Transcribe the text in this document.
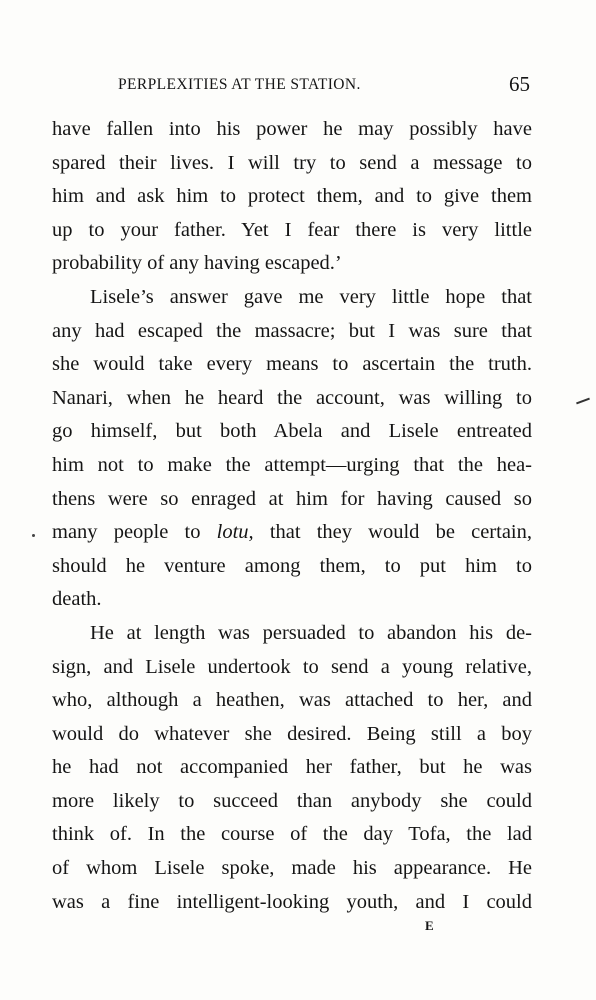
PERPLEXITIES AT THE STATION.	65
have fallen into his power he may possibly have
spared their lives. I will try to send a message to
him and ask him to protect them, and to give them
up to your father. Yet I fear there is very little
probability of any having escaped.’
Lisele’s answer gave me very little hope that
any had escaped the massacre; but I was sure that
she would take every means to ascertain the truth.
Nanari, when he heard the account, was willing to
go himself, but both Abela and Lisele entreated
him not to make the attempt—urging that the hea-
thens were so enraged at him for having caused so
many people to lotu, that they would be certain,
should he venture among them, to put him to
death.
He at length was persuaded to abandon his de-
sign, and Lisele undertook to send a young relative,
who, although a heathen, was attached to her, and
would do whatever she desired. Being still a boy
he had not accompanied her father, but he was
more likely to succeed than anybody she could
think of. In the course of the day Tofa, the lad
of whom Lisele spoke, made his appearance. He
was a fine intelligent-looking youth, and I could
E
